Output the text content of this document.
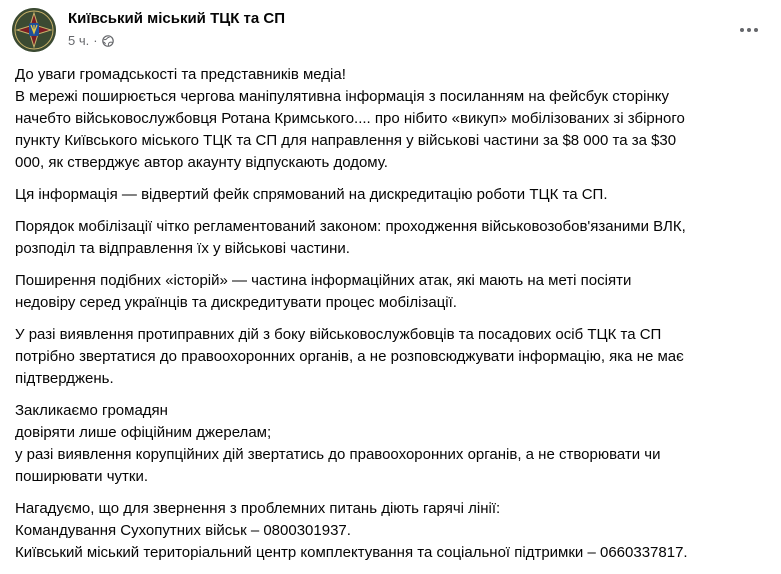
Київський міський ТЦК та СП
5 ч. ·
До уваги громадськості та представників медіа!
В мережі поширюється чергова маніпулятивна інформація з посиланням на фейсбук сторінку
начебто військовослужбовця Ротана Кримського.... про нібито «викуп» мобілізованих зі збірного
пункту Київського міського ТЦК та СП для направлення у військові частини за $8 000 та за $30
000, як стверджує автор акаунту відпускають додому.
Ця інформація — відвертий фейк спрямований на дискредитацію роботи ТЦК та СП.
Порядок мобілізації чітко регламентований законом: проходження військовозобов'язаними ВЛК,
розподіл та відправлення їх у військові частини.
Поширення подібних «історій» — частина інформаційних атак, які мають на меті посіяти
недовіру серед українців та дискредитувати процес мобілізації.
У разі виявлення протиправних дій з боку військовослужбовців та посадових осіб ТЦК та СП
потрібно звертатися до правоохоронних органів, а не розповсюджувати інформацію, яка не має
підтверджень.
Закликаємо громадян
довіряти лише офіційним джерелам;
у разі виявлення корупційних дій звертатись до правоохоронних органів, а не створювати чи
поширювати чутки.
Нагадуємо, що для звернення з проблемних питань діють гарячі лінії:
Командування Сухопутних військ – 0800301937.
Київський міський територіальний центр комплектування та соціальної підтримки – 0660337817.
